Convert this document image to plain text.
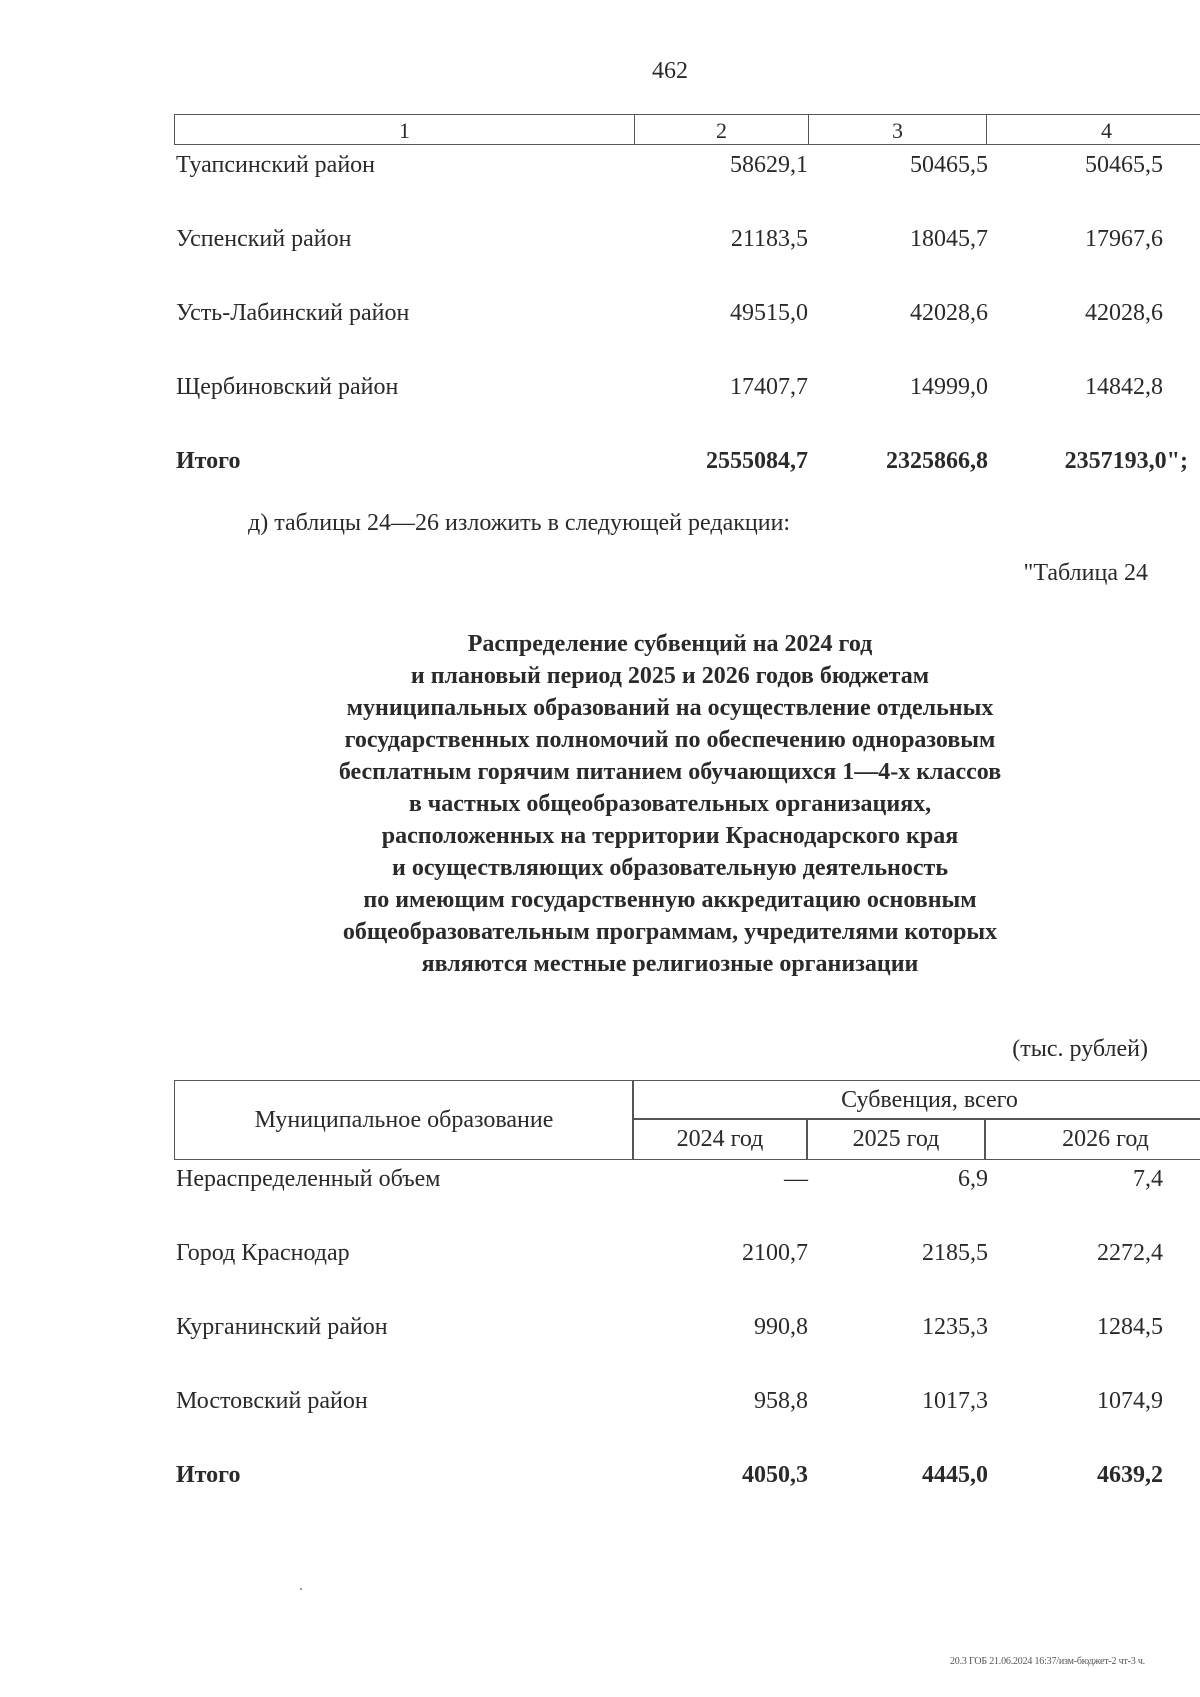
462
1	2	3	4
Туапсинский район	58629,1	50465,5	50465,5
Успенский район	21183,5	18045,7	17967,6
Усть-Лабинский район	49515,0	42028,6	42028,6
Щербиновский район	17407,7	14999,0	14842,8
Итого	2555084,7	2325866,8	2357193,0";
д) таблицы 24—26 изложить в следующей редакции:
"Таблица 24
Распределение субвенций на 2024 год
и плановый период 2025 и 2026 годов бюджетам
муниципальных образований на осуществление отдельных
государственных полномочий по обеспечению одноразовым
бесплатным горячим питанием обучающихся 1—4-х классов
в частных общеобразовательных организациях,
расположенных на территории Краснодарского края
и осуществляющих образовательную деятельность
по имеющим государственную аккредитацию основным
общеобразовательным программам, учредителями которых
являются местные религиозные организации
(тыс. рублей)
Муниципальное образование
Субвенция, всего
2024 год	2025 год	2026 год
Нераспределенный объем	—	6,9	7,4
Город Краснодар	2100,7	2185,5	2272,4
Курганинский район	990,8	1235,3	1284,5
Мостовский район	958,8	1017,3	1074,9
Итого	4050,3	4445,0	4639,2
20.3 ГОБ 21.06.2024 16:37/изм-бюджет-2 чт-3 ч.
